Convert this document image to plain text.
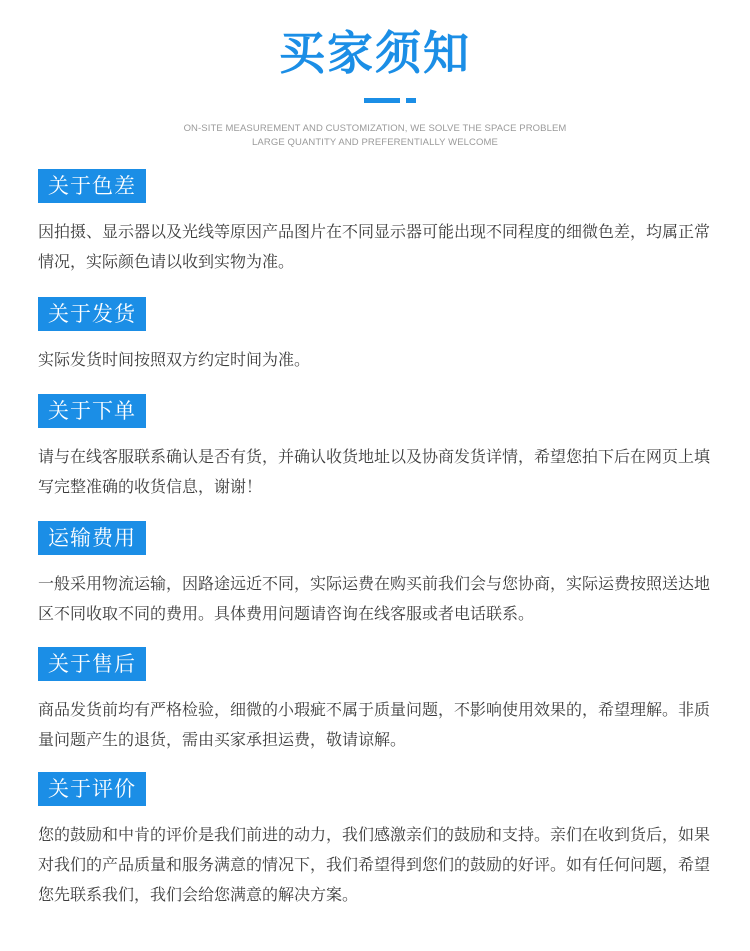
买家须知
ON-SITE MEASUREMENT AND CUSTOMIZATION, WE SOLVE THE SPACE PROBLEM
LARGE QUANTITY AND PREFERENTIALLY WELCOME
关于色差
因拍摄、显示器以及光线等原因产品图片在不同显示器可能出现不同程度的细微色差，均属正常情况，实际颜色请以收到实物为准。
关于发货
实际发货时间按照双方约定时间为准。
关于下单
请与在线客服联系确认是否有货，并确认收货地址以及协商发货详情，希望您拍下后在网页上填写完整准确的收货信息，谢谢！
运输费用
一般采用物流运输，因路途远近不同，实际运费在购买前我们会与您协商，实际运费按照送达地区不同收取不同的费用。具体费用问题请咨询在线客服或者电话联系。
关于售后
商品发货前均有严格检验，细微的小瑕疵不属于质量问题，不影响使用效果的，希望理解。非质量问题产生的退货，需由买家承担运费，敬请谅解。
关于评价
您的鼓励和中肯的评价是我们前进的动力，我们感激亲们的鼓励和支持。亲们在收到货后，如果对我们的产品质量和服务满意的情况下，我们希望得到您们的鼓励的好评。如有任何问题，希望您先联系我们，我们会给您满意的解决方案。
